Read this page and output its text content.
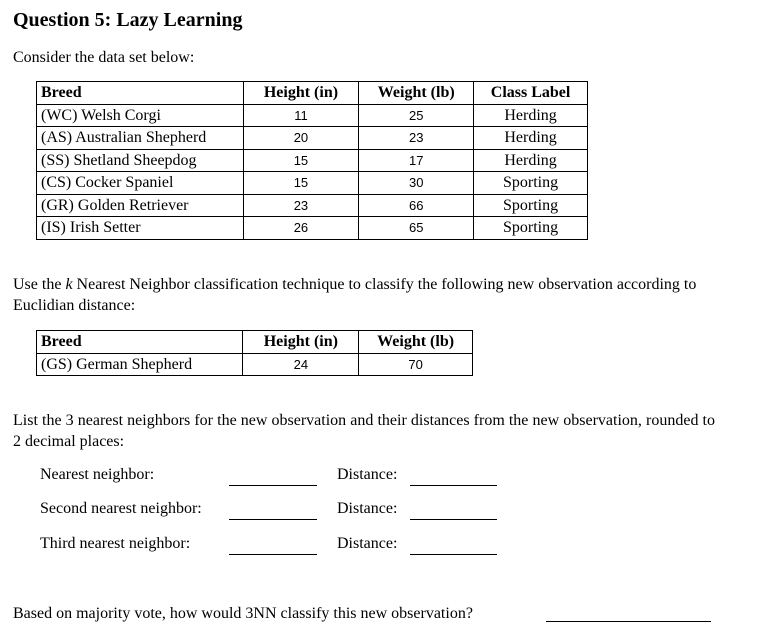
Question 5: Lazy Learning
Consider the data set below:
Breed	Height (in)	Weight (lb)	Class Label
(WC) Welsh Corgi	11	25	Herding
(AS) Australian Shepherd	20	23	Herding
(SS) Shetland Sheepdog	15	17	Herding
(CS) Cocker Spaniel	15	30	Sporting
(GR) Golden Retriever	23	66	Sporting
(IS) Irish Setter	26	65	Sporting
Use the k Nearest Neighbor classification technique to classify the following new observation according to Euclidian distance:
Breed	Height (in)	Weight (lb)
(GS) German Shepherd	24	70
List the 3 nearest neighbors for the new observation and their distances from the new observation, rounded to 2 decimal places:
Nearest neighbor:	Distance:
Second nearest neighbor:	Distance:
Third nearest neighbor:	Distance:
Based on majority vote, how would 3NN classify this new observation?
